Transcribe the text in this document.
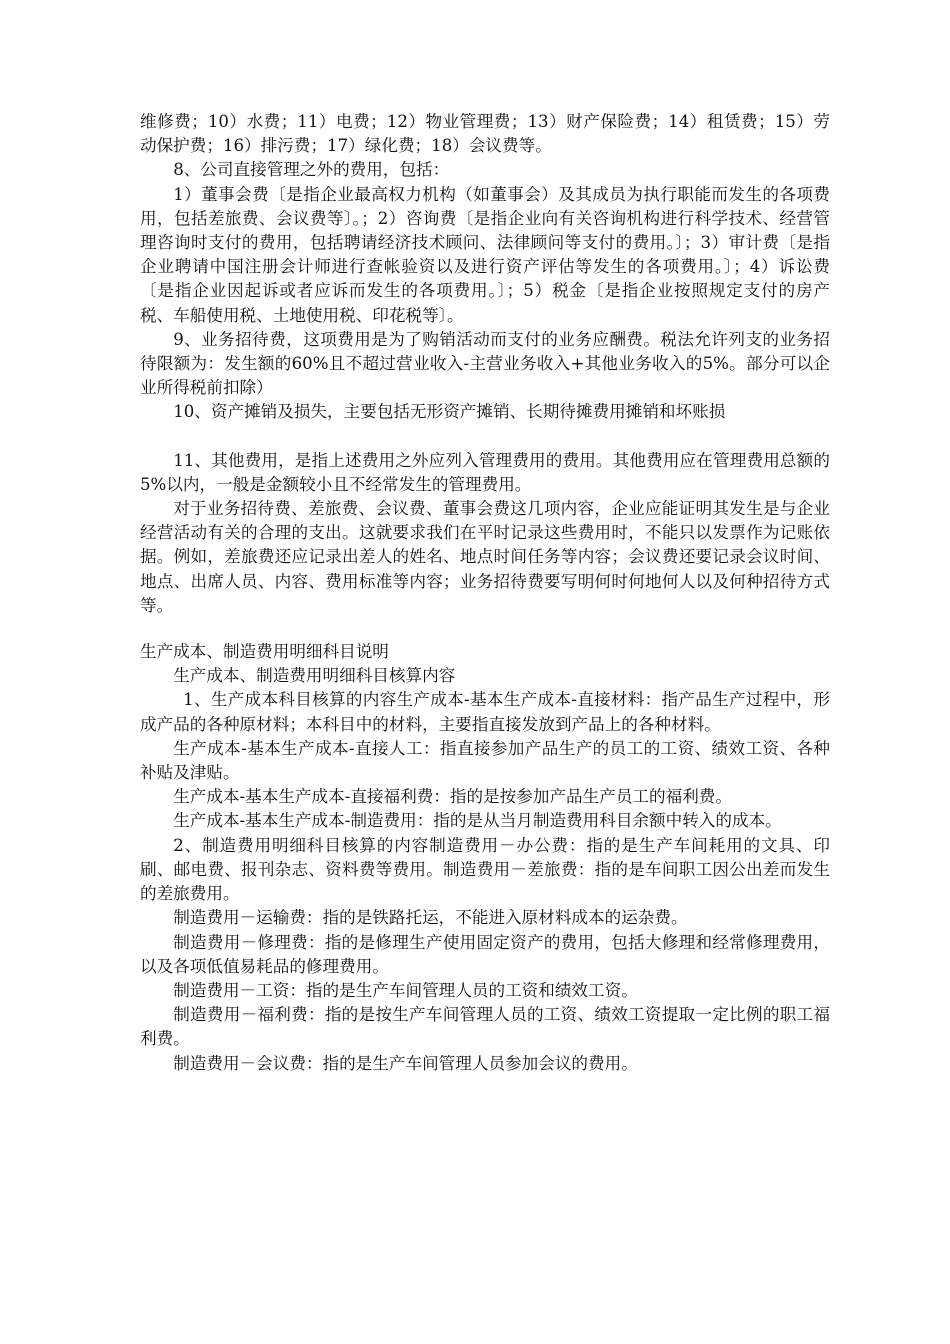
维修费；10）水费；11）电费；12）物业管理费；13）财产保险费；14）租赁费；15）劳动保护费；16）排污费；17）绿化费；18）会议费等。

8、公司直接管理之外的费用，包括：

1）董事会费〔是指企业最高权力机构（如董事会）及其成员为执行职能而发生的各项费用，包括差旅费、会议费等〕。；2）咨询费〔是指企业向有关咨询机构进行科学技术、经营管理咨询时支付的费用，包括聘请经济技术顾问、法律顾问等支付的费用。〕；3）审计费〔是指企业聘请中国注册会计师进行查帐验资以及进行资产评估等发生的各项费用。〕；4）诉讼费〔是指企业因起诉或者应诉而发生的各项费用。〕；5）税金〔是指企业按照规定支付的房产税、车船使用税、土地使用税、印花税等〕。

9、业务招待费，这项费用是为了购销活动而支付的业务应酬费。税法允许列支的业务招待限额为：发生额的60%且不超过营业收入-主营业务收入+其他业务收入的5%。部分可以企业所得税前扣除）

10、资产摊销及损失，主要包括无形资产摊销、长期待摊费用摊销和坏账损

11、其他费用，是指上述费用之外应列入管理费用的费用。其他费用应在管理费用总额的5%以内，一般是金额较小且不经常发生的管理费用。

对于业务招待费、差旅费、会议费、董事会费这几项内容，企业应能证明其发生是与企业经营活动有关的合理的支出。这就要求我们在平时记录这些费用时，不能只以发票作为记账依据。例如，差旅费还应记录出差人的姓名、地点时间任务等内容；会议费还要记录会议时间、地点、出席人员、内容、费用标准等内容；业务招待费要写明何时何地何人以及何种招待方式等。

生产成本、制造费用明细科目说明

生产成本、制造费用明细科目核算内容

1、生产成本科目核算的内容生产成本-基本生产成本-直接材料：指产品生产过程中，形成产品的各种原材料；本科目中的材料，主要指直接发放到产品上的各种材料。

生产成本-基本生产成本-直接人工：指直接参加产品生产的员工的工资、绩效工资、各种补贴及津贴。

生产成本-基本生产成本-直接福利费：指的是按参加产品生产员工的福利费。

生产成本-基本生产成本-制造费用：指的是从当月制造费用科目余额中转入的成本。

2、制造费用明细科目核算的内容制造费用－办公费：指的是生产车间耗用的文具、印刷、邮电费、报刊杂志、资料费等费用。制造费用－差旅费：指的是车间职工因公出差而发生的差旅费用。

制造费用－运输费：指的是铁路托运，不能进入原材料成本的运杂费。

制造费用－修理费：指的是修理生产使用固定资产的费用，包括大修理和经常修理费用，以及各项低值易耗品的修理费用。

制造费用－工资：指的是生产车间管理人员的工资和绩效工资。

制造费用－福利费：指的是按生产车间管理人员的工资、绩效工资提取一定比例的职工福利费。

制造费用－会议费：指的是生产车间管理人员参加会议的费用。
